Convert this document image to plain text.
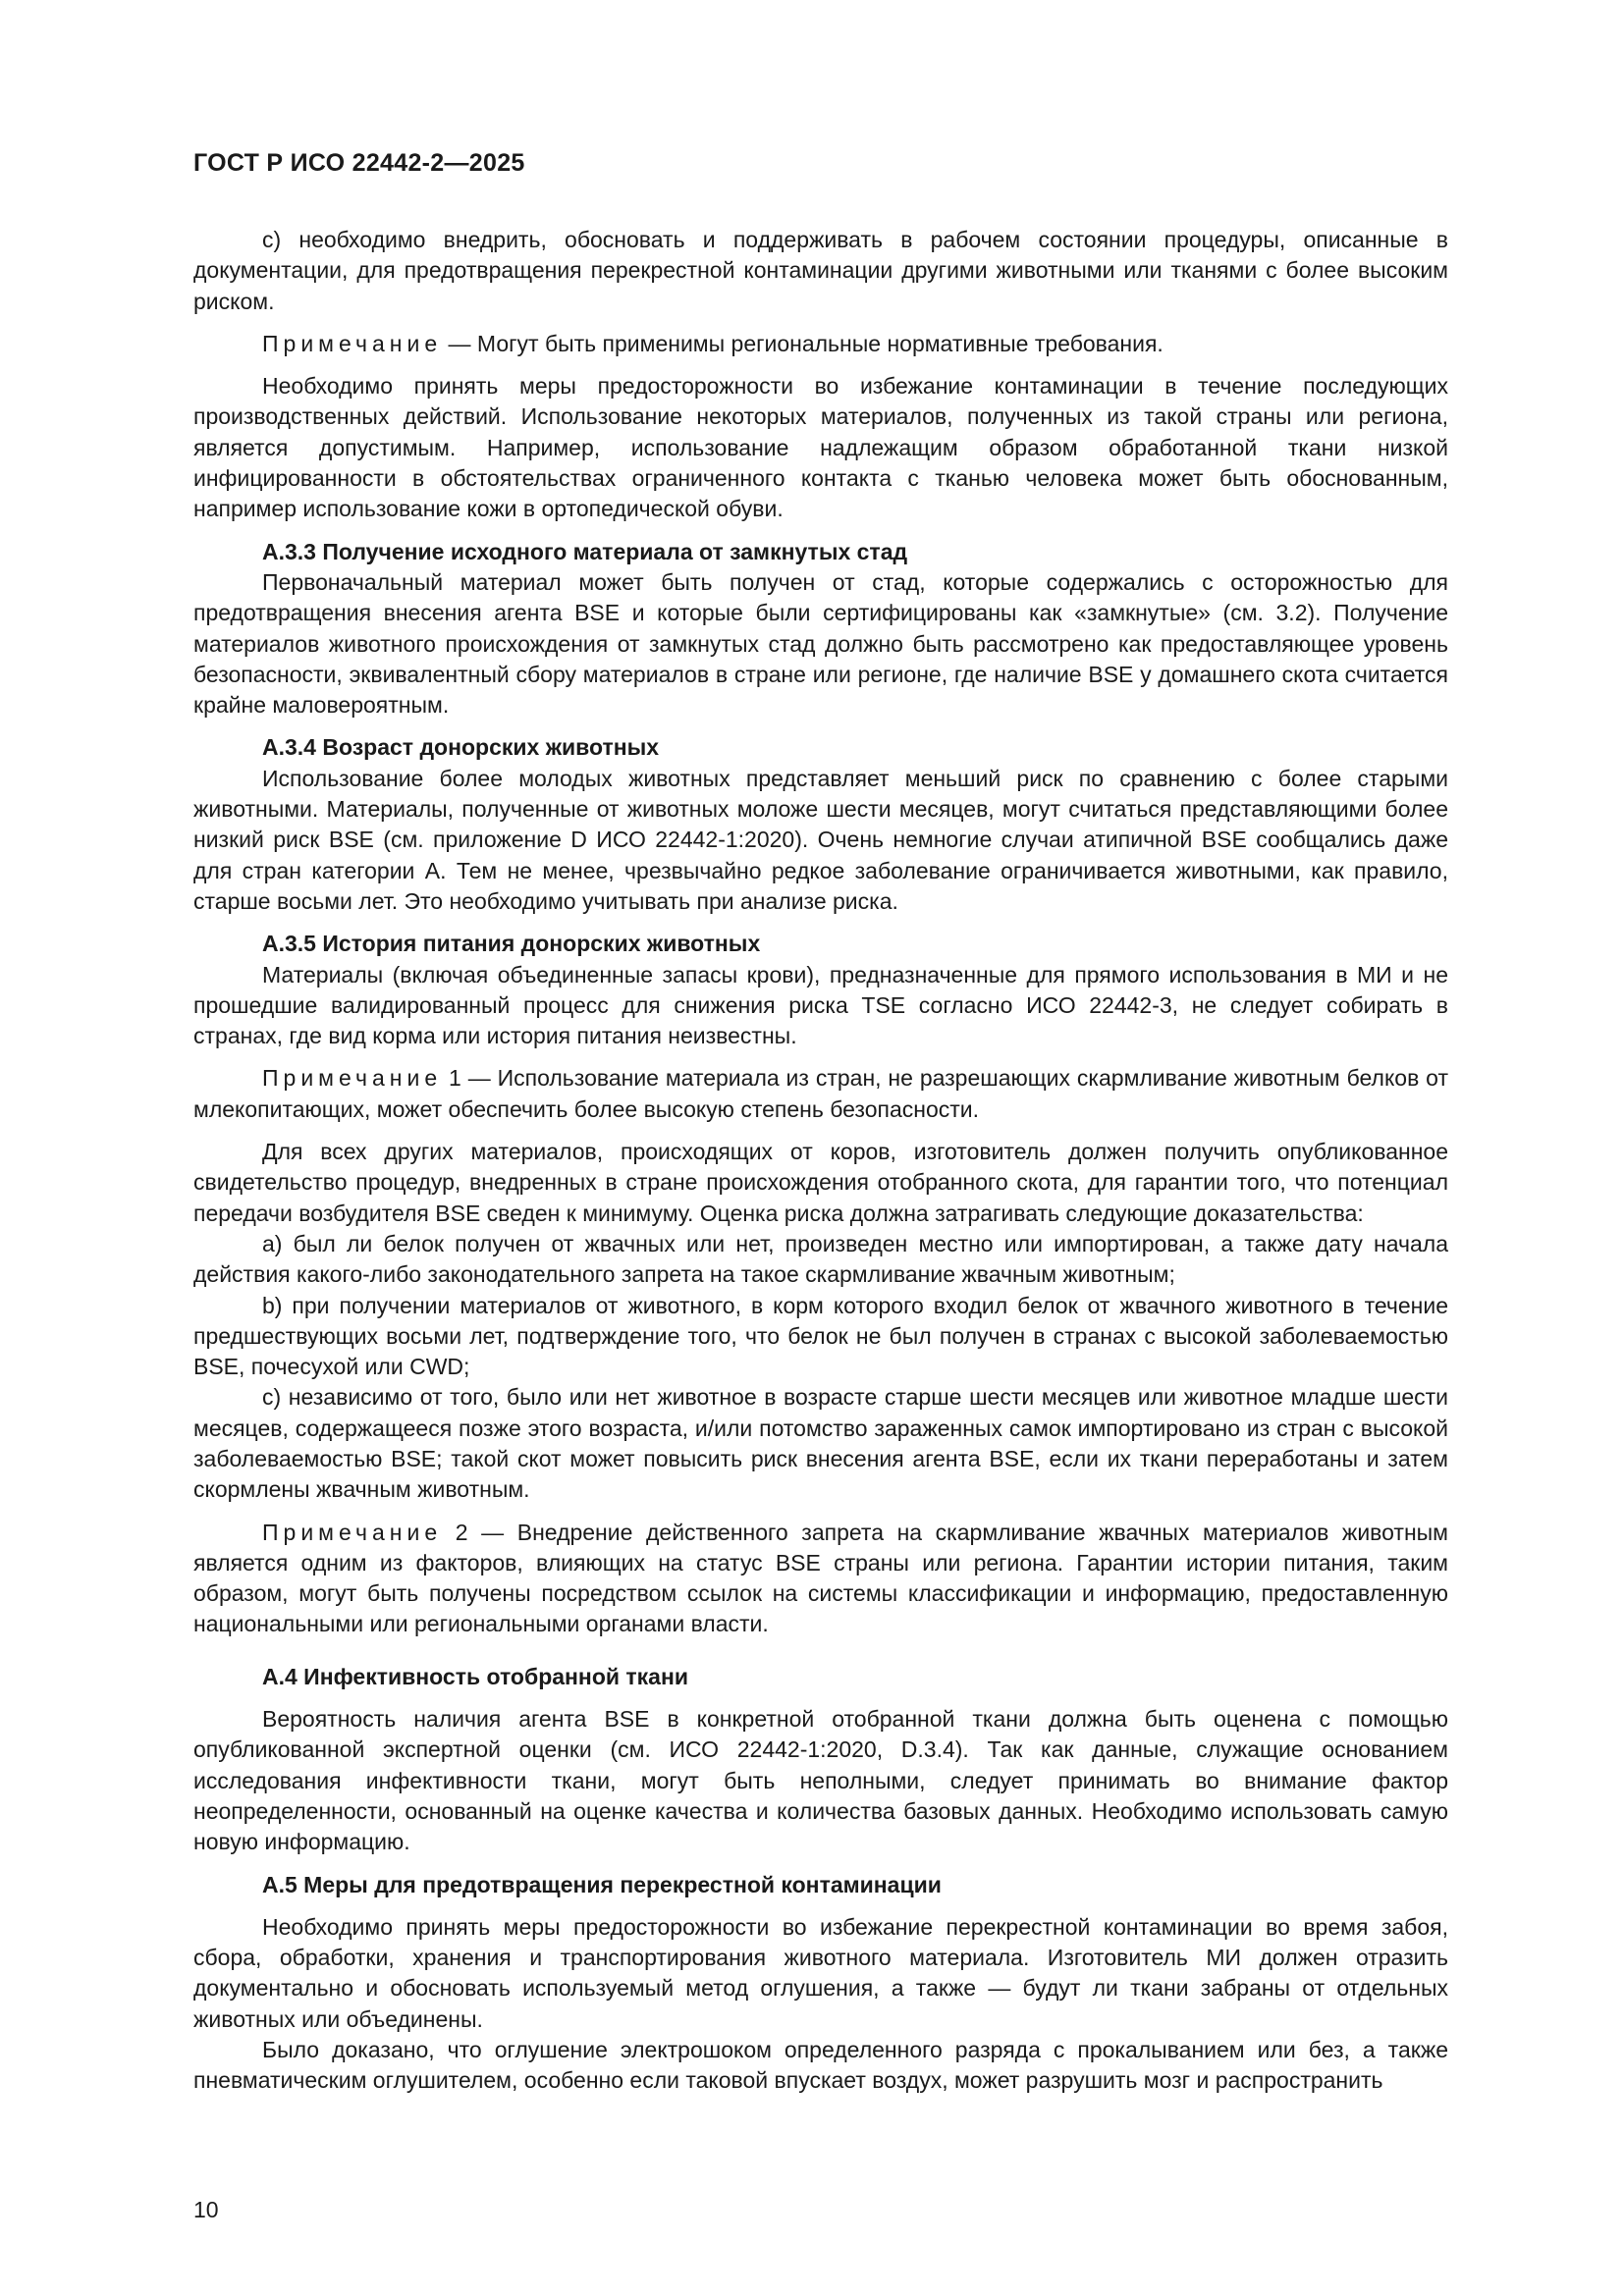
ГОСТ Р ИСО 22442-2—2025

c) необходимо внедрить, обосновать и поддерживать в рабочем состоянии процедуры, описанные в документации, для предотвращения перекрестной контаминации другими животными или тканями с более высоким риском.

Примечание — Могут быть применимы региональные нормативные требования.

Необходимо принять меры предосторожности во избежание контаминации в течение последующих производственных действий. Использование некоторых материалов, полученных из такой страны или региона, является допустимым. Например, использование надлежащим образом обработанной ткани низкой инфицированности в обстоятельствах ограниченного контакта с тканью человека может быть обоснованным, например использование кожи в ортопедической обуви.

А.3.3 Получение исходного материала от замкнутых стад

Первоначальный материал может быть получен от стад, которые содержались с осторожностью для предотвращения внесения агента BSE и которые были сертифицированы как «замкнутые» (см. 3.2). Получение материалов животного происхождения от замкнутых стад должно быть рассмотрено как предоставляющее уровень безопасности, эквивалентный сбору материалов в стране или регионе, где наличие BSE у домашнего скота считается крайне маловероятным.

А.3.4 Возраст донорских животных

Использование более молодых животных представляет меньший риск по сравнению с более старыми животными. Материалы, полученные от животных моложе шести месяцев, могут считаться представляющими более низкий риск BSE (см. приложение D ИСО 22442-1:2020). Очень немногие случаи атипичной BSE сообщались даже для стран категории А. Тем не менее, чрезвычайно редкое заболевание ограничивается животными, как правило, старше восьми лет. Это необходимо учитывать при анализе риска.

А.3.5 История питания донорских животных

Материалы (включая объединенные запасы крови), предназначенные для прямого использования в МИ и не прошедшие валидированный процесс для снижения риска TSE согласно ИСО 22442-3, не следует собирать в странах, где вид корма или история питания неизвестны.

Примечание 1 — Использование материала из стран, не разрешающих скармливание животным белков от млекопитающих, может обеспечить более высокую степень безопасности.

Для всех других материалов, происходящих от коров, изготовитель должен получить опубликованное свидетельство процедур, внедренных в стране происхождения отобранного скота, для гарантии того, что потенциал передачи возбудителя BSE сведен к минимуму. Оценка риска должна затрагивать следующие доказательства:

a) был ли белок получен от жвачных или нет, произведен местно или импортирован, а также дату начала действия какого-либо законодательного запрета на такое скармливание жвачным животным;

b) при получении материалов от животного, в корм которого входил белок от жвачного животного в течение предшествующих восьми лет, подтверждение того, что белок не был получен в странах с высокой заболеваемостью BSE, почесухой или CWD;

c) независимо от того, было или нет животное в возрасте старше шести месяцев или животное младше шести месяцев, содержащееся позже этого возраста, и/или потомство зараженных самок импортировано из стран с высокой заболеваемостью BSE; такой скот может повысить риск внесения агента BSE, если их ткани переработаны и затем скормлены жвачным животным.

Примечание 2 — Внедрение действенного запрета на скармливание жвачных материалов животным является одним из факторов, влияющих на статус BSE страны или региона. Гарантии истории питания, таким образом, могут быть получены посредством ссылок на системы классификации и информацию, предоставленную национальными или региональными органами власти.

А.4 Инфективность отобранной ткани

Вероятность наличия агента BSE в конкретной отобранной ткани должна быть оценена с помощью опубликованной экспертной оценки (см. ИСО 22442-1:2020, D.3.4). Так как данные, служащие основанием исследования инфективности ткани, могут быть неполными, следует принимать во внимание фактор неопределенности, основанный на оценке качества и количества базовых данных. Необходимо использовать самую новую информацию.

А.5 Меры для предотвращения перекрестной контаминации

Необходимо принять меры предосторожности во избежание перекрестной контаминации во время забоя, сбора, обработки, хранения и транспортирования животного материала. Изготовитель МИ должен отразить документально и обосновать используемый метод оглушения, а также — будут ли ткани забраны от отдельных животных или объединены.

Было доказано, что оглушение электрошоком определенного разряда с прокалыванием или без, а также пневматическим оглушителем, особенно если таковой впускает воздух, может разрушить мозг и распространить

10
